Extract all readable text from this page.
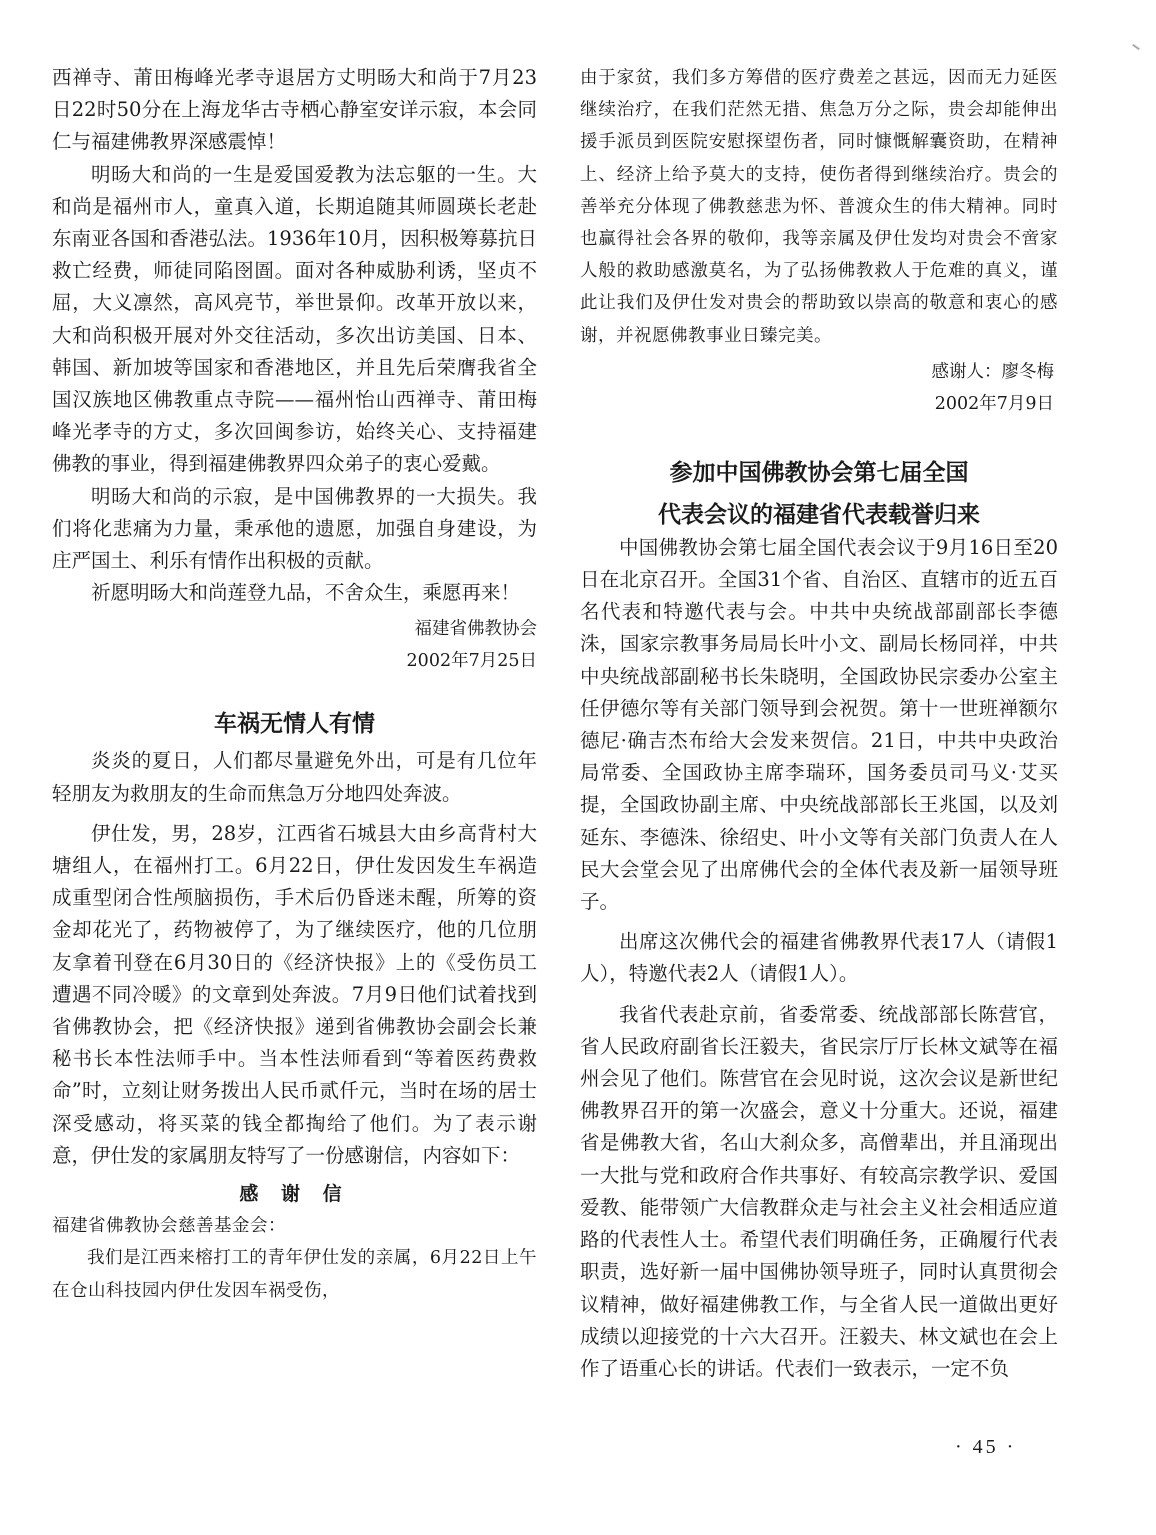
西禅寺、莆田梅峰光孝寺退居方丈明旸大和尚于7月23日22时50分在上海龙华古寺栖心静室安详示寂，本会同仁与福建佛教界深感震悼！

明旸大和尚的一生是爱国爱教为法忘躯的一生。大和尚是福州市人，童真入道，长期追随其师圆瑛长老赴东南亚各国和香港弘法。1936年10月，因积极筹募抗日救亡经费，师徒同陷囹圄。面对各种威胁利诱，坚贞不屈，大义凛然，高风亮节，举世景仰。改革开放以来，大和尚积极开展对外交往活动，多次出访美国、日本、韩国、新加坡等国家和香港地区，并且先后荣膺我省全国汉族地区佛教重点寺院——福州怡山西禅寺、莆田梅峰光孝寺的方丈，多次回闽参访，始终关心、支持福建佛教的事业，得到福建佛教界四众弟子的衷心爱戴。

明旸大和尚的示寂，是中国佛教界的一大损失。我们将化悲痛为力量，秉承他的遗愿，加强自身建设，为庄严国土、利乐有情作出积极的贡献。

祈愿明旸大和尚莲登九品，不舍众生，乘愿再来！

福建省佛教协会

2002年7月25日

车祸无情人有情

炎炎的夏日，人们都尽量避免外出，可是有几位年轻朋友为救朋友的生命而焦急万分地四处奔波。

伊仕发，男，28岁，江西省石城县大由乡高背村大塘组人，在福州打工。6月22日，伊仕发因发生车祸造成重型闭合性颅脑损伤，手术后仍昏迷未醒，所筹的资金却花光了，药物被停了，为了继续医疗，他的几位朋友拿着刊登在6月30日的《经济快报》上的《受伤员工遭遇不同冷暖》的文章到处奔波。7月9日他们试着找到省佛教协会，把《经济快报》递到省佛教协会副会长兼秘书长本性法师手中。当本性法师看到“等着医药费救命”时，立刻让财务拨出人民币贰仟元，当时在场的居士深受感动，将买菜的钱全都掏给了他们。为了表示谢意，伊仕发的家属朋友特写了一份感谢信，内容如下：

感 谢 信

福建省佛教协会慈善基金会：

我们是江西来榕打工的青年伊仕发的亲属，6月22日上午在仓山科技园内伊仕发因车祸受伤，

由于家贫，我们多方筹借的医疗费差之甚远，因而无力延医继续治疗，在我们茫然无措、焦急万分之际，贵会却能伸出援手派员到医院安慰探望伤者，同时慷慨解囊资助，在精神上、经济上给予莫大的支持，使伤者得到继续治疗。贵会的善举充分体现了佛教慈悲为怀、普渡众生的伟大精神。同时也赢得社会各界的敬仰，我等亲属及伊仕发均对贵会不啻家人般的救助感激莫名，为了弘扬佛教救人于危难的真义，谨此让我们及伊仕发对贵会的帮助致以崇高的敬意和衷心的感谢，并祝愿佛教事业日臻完美。

感谢人：廖冬梅

2002年7月9日

参加中国佛教协会第七届全国
代表会议的福建省代表载誉归来

中国佛教协会第七届全国代表会议于9月16日至20日在北京召开。全国31个省、自治区、直辖市的近五百名代表和特邀代表与会。中共中央统战部副部长李德洙，国家宗教事务局局长叶小文、副局长杨同祥，中共中央统战部副秘书长朱晓明，全国政协民宗委办公室主任伊德尔等有关部门领导到会祝贺。第十一世班禅额尔德尼·确吉杰布给大会发来贺信。21日，中共中央政治局常委、全国政协主席李瑞环，国务委员司马义·艾买提，全国政协副主席、中央统战部部长王兆国，以及刘延东、李德洙、徐绍史、叶小文等有关部门负责人在人民大会堂会见了出席佛代会的全体代表及新一届领导班子。

出席这次佛代会的福建省佛教界代表17人（请假1人），特邀代表2人（请假1人）。

我省代表赴京前，省委常委、统战部部长陈营官，省人民政府副省长汪毅夫，省民宗厅厅长林文斌等在福州会见了他们。陈营官在会见时说，这次会议是新世纪佛教界召开的第一次盛会，意义十分重大。还说，福建省是佛教大省，名山大刹众多，高僧辈出，并且涌现出一大批与党和政府合作共事好、有较高宗教学识、爱国爱教、能带领广大信教群众走与社会主义社会相适应道路的代表性人士。希望代表们明确任务，正确履行代表职责，选好新一届中国佛协领导班子，同时认真贯彻会议精神，做好福建佛教工作，与全省人民一道做出更好成绩以迎接党的十六大召开。汪毅夫、林文斌也在会上作了语重心长的讲话。代表们一致表示，一定不负

· 45 ·
